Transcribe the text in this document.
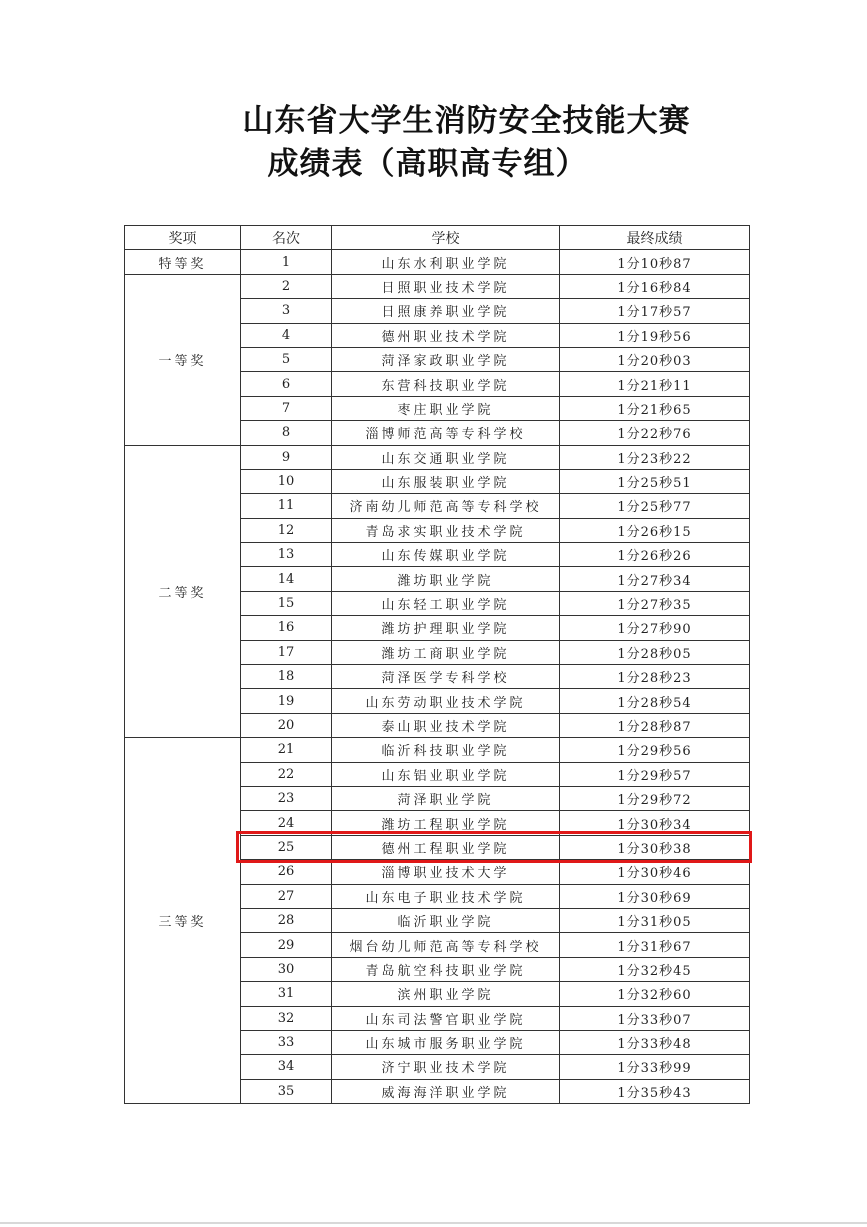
山东省大学生消防安全技能大赛
成绩表（高职高专组）
奖项	名次	学校	最终成绩
特等奖	1	山东水利职业学院	1分10秒87
一等奖	2	日照职业技术学院	1分16秒84
	3	日照康养职业学院	1分17秒57
	4	德州职业技术学院	1分19秒56
	5	菏泽家政职业学院	1分20秒03
	6	东营科技职业学院	1分21秒11
	7	枣庄职业学院	1分21秒65
	8	淄博师范高等专科学校	1分22秒76
二等奖	9	山东交通职业学院	1分23秒22
	10	山东服装职业学院	1分25秒51
	11	济南幼儿师范高等专科学校	1分25秒77
	12	青岛求实职业技术学院	1分26秒15
	13	山东传媒职业学院	1分26秒26
	14	潍坊职业学院	1分27秒34
	15	山东轻工职业学院	1分27秒35
	16	潍坊护理职业学院	1分27秒90
	17	潍坊工商职业学院	1分28秒05
	18	菏泽医学专科学校	1分28秒23
	19	山东劳动职业技术学院	1分28秒54
	20	泰山职业技术学院	1分28秒87
三等奖	21	临沂科技职业学院	1分29秒56
	22	山东铝业职业学院	1分29秒57
	23	菏泽职业学院	1分29秒72
	24	潍坊工程职业学院	1分30秒34
	25	德州工程职业学院	1分30秒38
	26	淄博职业技术大学	1分30秒46
	27	山东电子职业技术学院	1分30秒69
	28	临沂职业学院	1分31秒05
	29	烟台幼儿师范高等专科学校	1分31秒67
	30	青岛航空科技职业学院	1分32秒45
	31	滨州职业学院	1分32秒60
	32	山东司法警官职业学院	1分33秒07
	33	山东城市服务职业学院	1分33秒48
	34	济宁职业技术学院	1分33秒99
	35	威海海洋职业学院	1分35秒43
